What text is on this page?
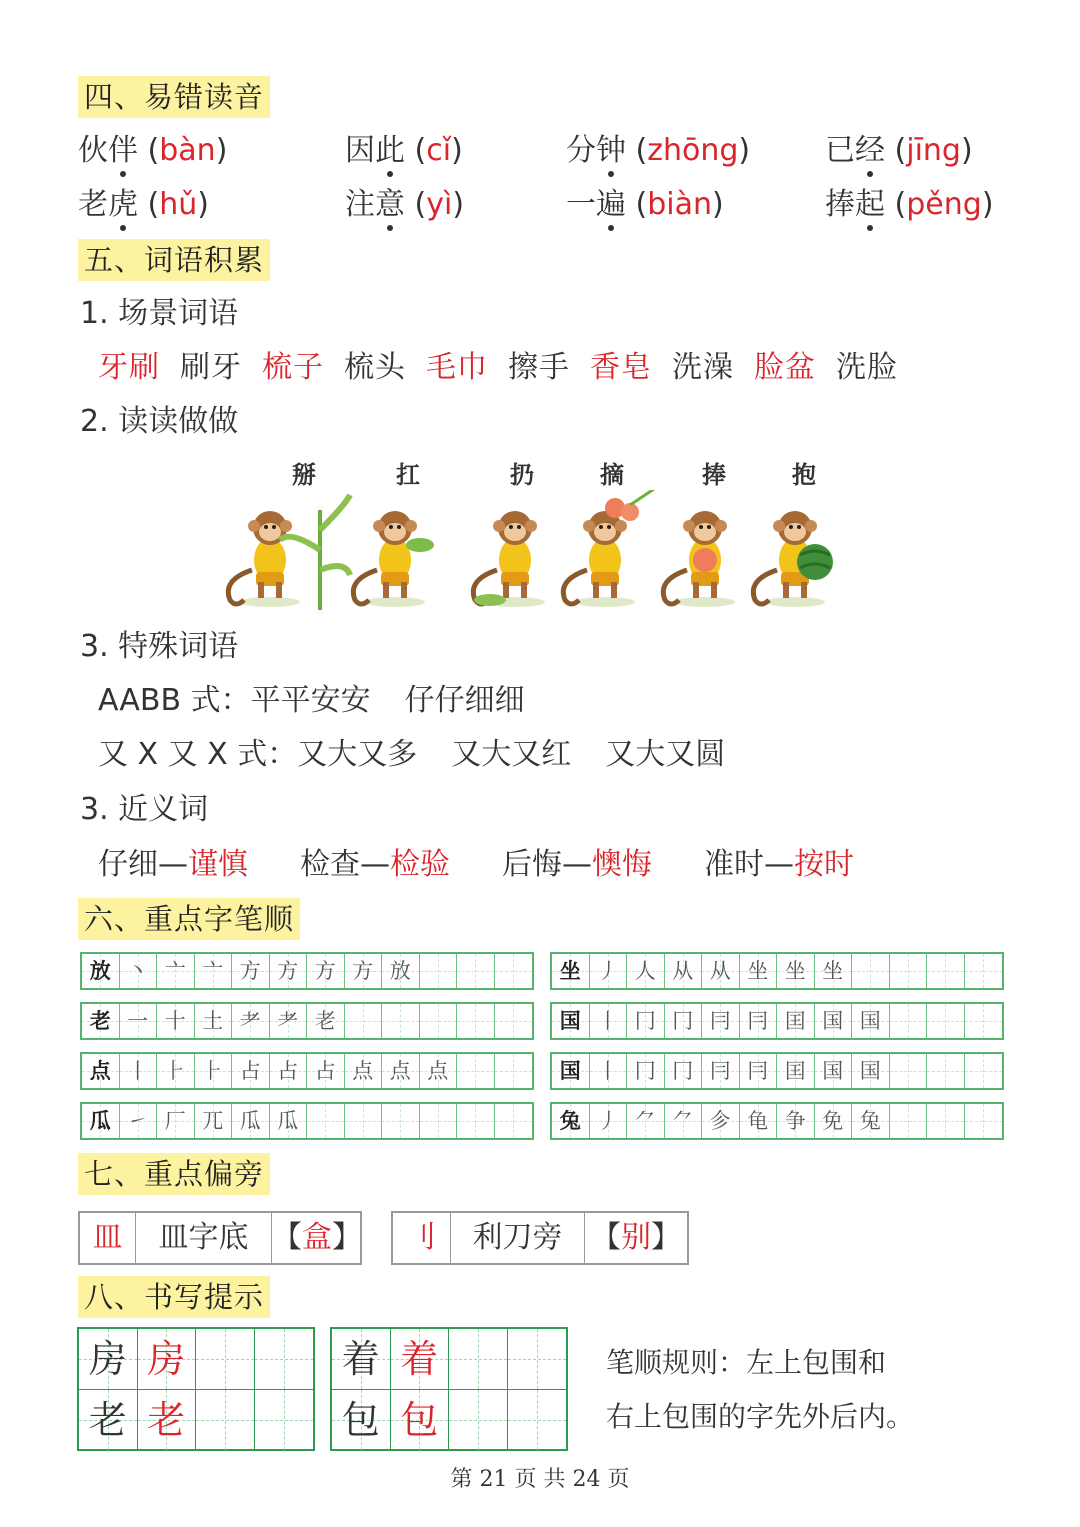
四、易错读音
伙伴 (bàn)	因此 (cǐ)	分钟 (zhōng) 已经 (jīng)
老虎 (hǔ)	注意 (yì)	一遍 (biàn)	捧起 (pěng)
五、词语积累
1. 场景词语
牙刷 刷牙 梳子 梳头 毛巾 擦手 香皂 洗澡 脸盆 洗脸
2. 读读做做
掰	扛	扔	摘	捧	抱
3. 特殊词语
AABB 式：平平安安 仔仔细细
又 X 又 X 式：又大又多 又大又红 又大又圆
3. 近义词
仔细—谨慎 检查—检验 后悔—懊悔 准时—按时
六、重点字笔顺
放 丶 亠 亠 方 方 方 方 放
老 一 十 土 耂 耂 老
点 丨 ⺊ ⺊ 占 占 占 点 点 点
瓜 ㇀ 厂 兀 瓜 瓜
坐 丿 人 从 从 坐 坐 坐
国 丨 冂 冂 冃 冃 囯 国 国
国 丨 冂 冂 冃 冃 囯 国 国
兔 丿 ⺈ ⺈ 㐱 龟 争 免 兔
七、重点偏旁
皿	皿字底 【盒】	刂	利刀旁 【别】
八、书写提示
房 房
老 老
着 着
包 包
笔顺规则：左上包围和
右上包围的字先外后内。
第 21 页 共 24 页
